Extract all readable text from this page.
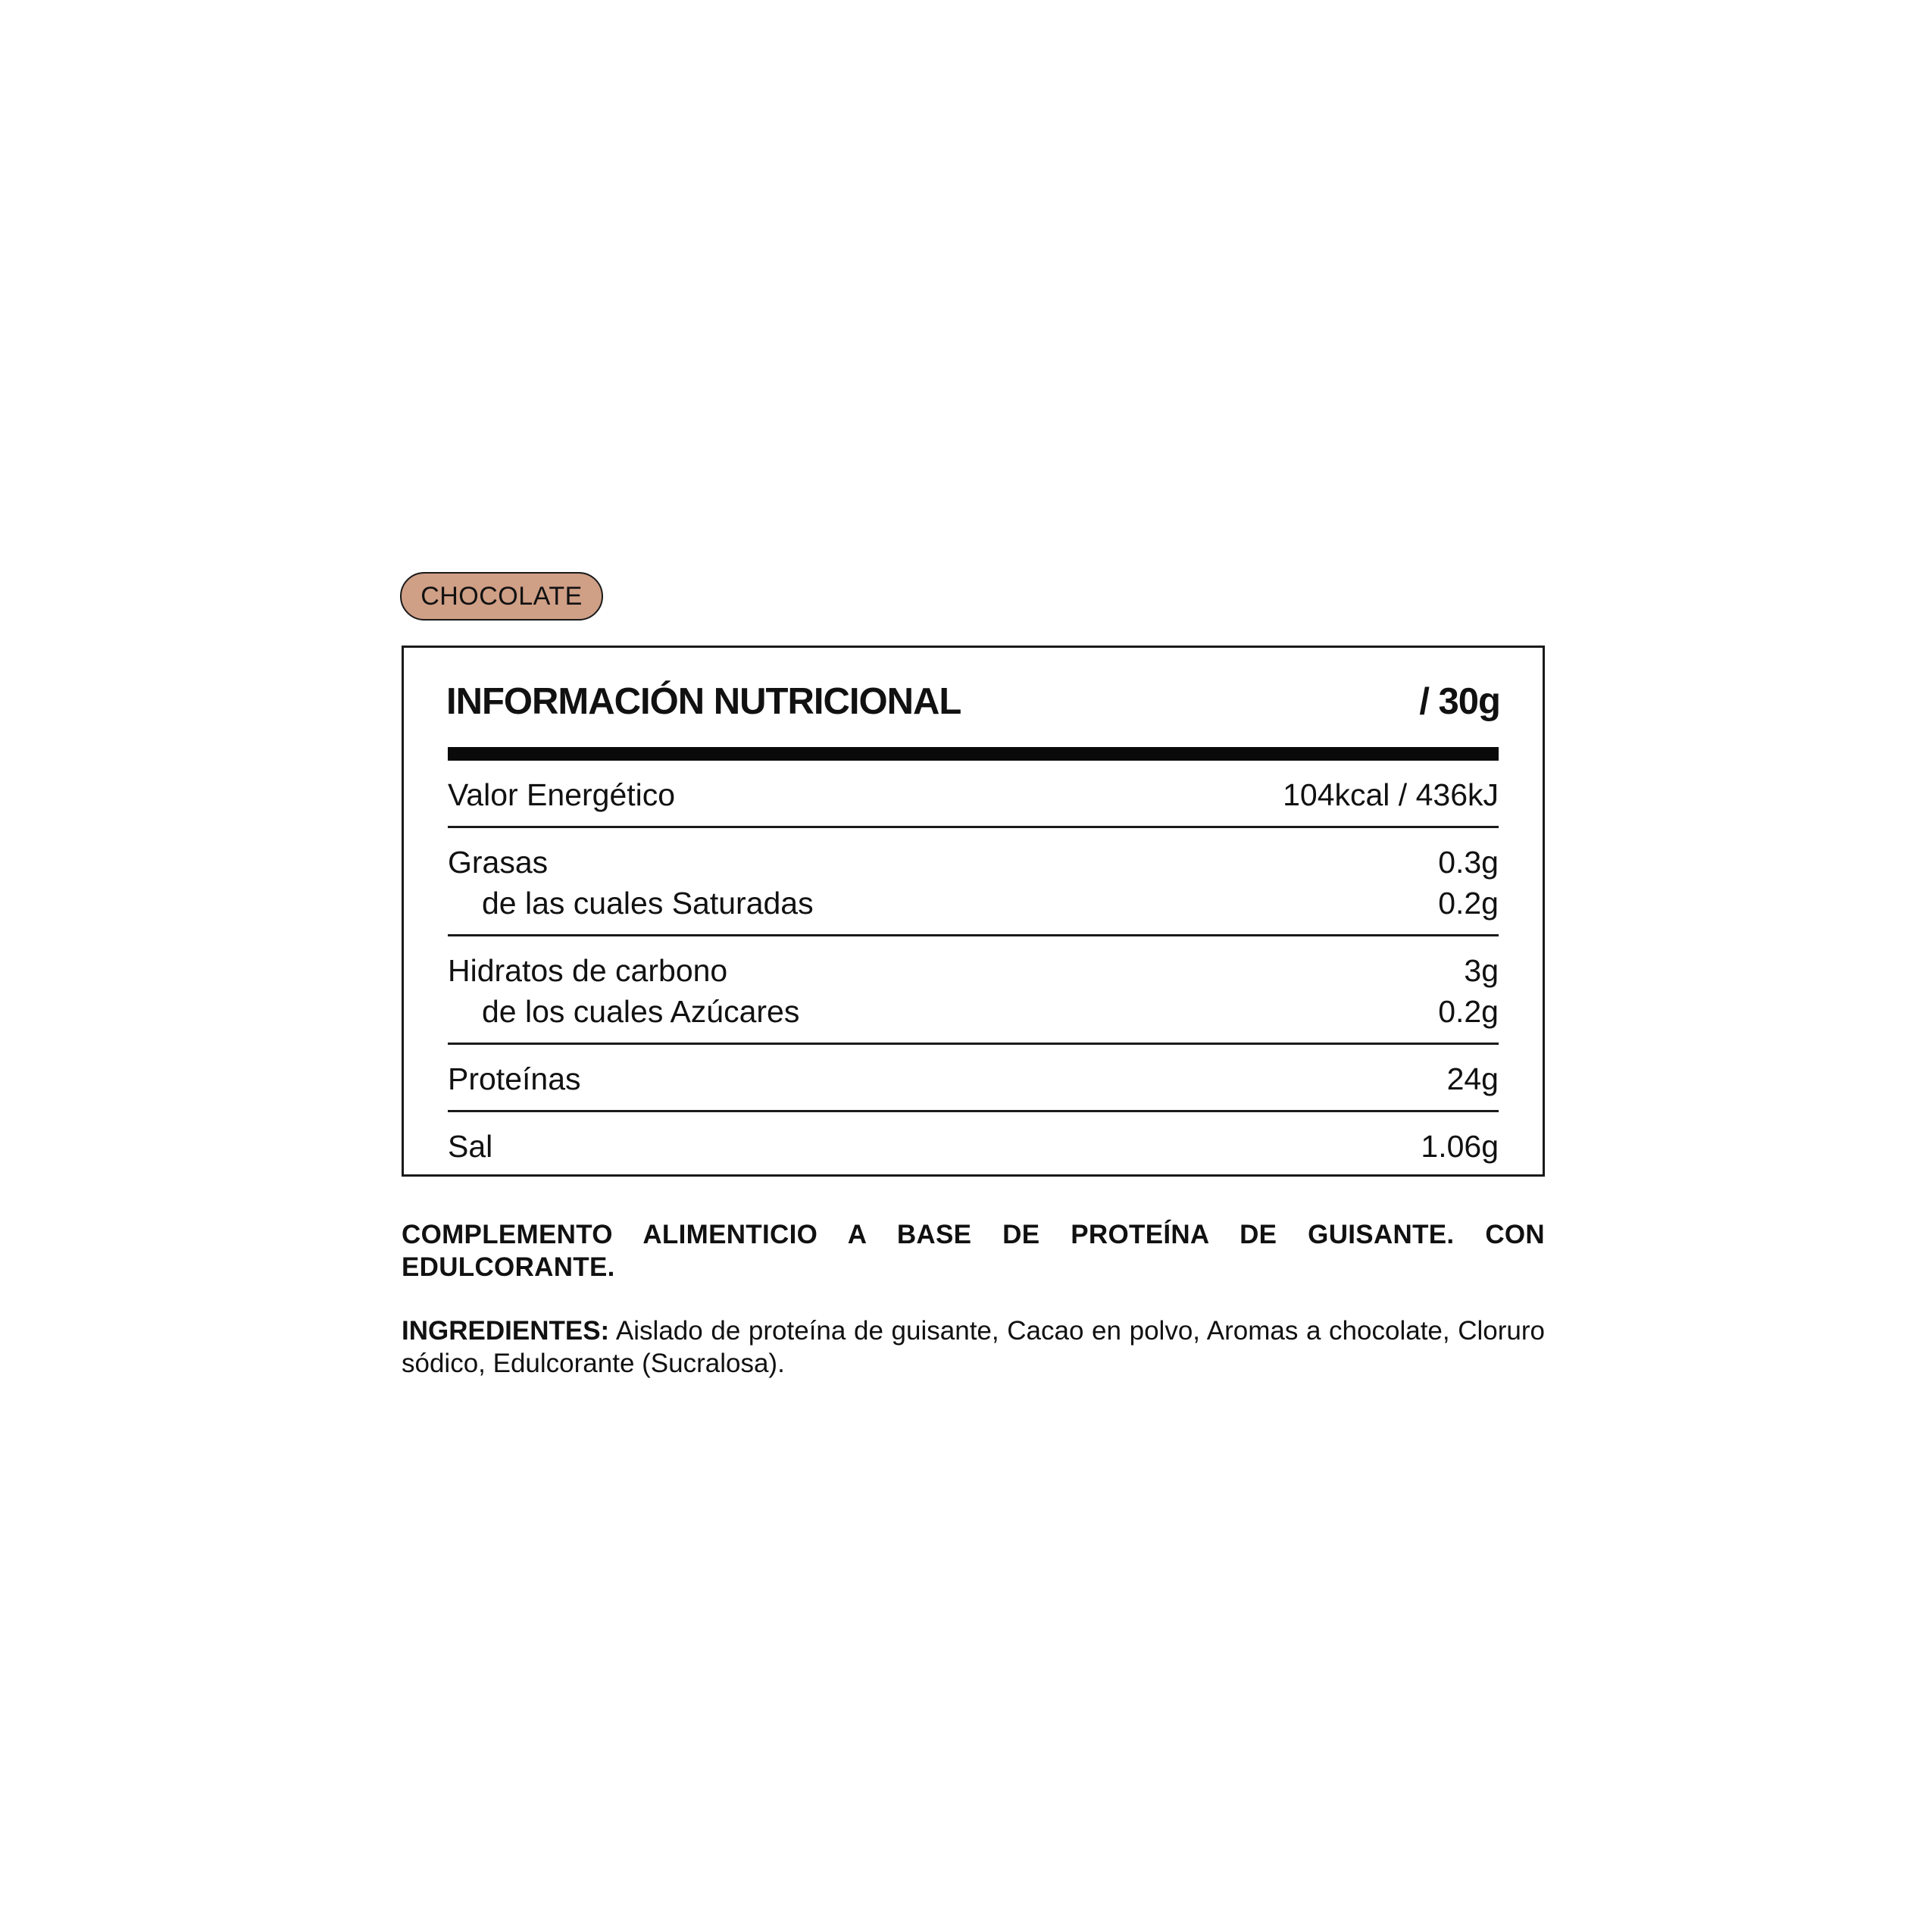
CHOCOLATE
INFORMACIÓN NUTRICIONAL	/ 30g
Valor Energético	104kcal / 436kJ
Grasas	0.3g
de las cuales Saturadas	0.2g
Hidratos de carbono	3g
de los cuales Azúcares	0.2g
Proteínas	24g
Sal	1.06g
COMPLEMENTO ALIMENTICIO A BASE DE PROTEÍNA DE GUISANTE. CON EDULCORANTE.
INGREDIENTES: Aislado de proteína de guisante, Cacao en polvo, Aromas a chocolate, Cloruro sódico, Edulcorante (Sucralosa).
